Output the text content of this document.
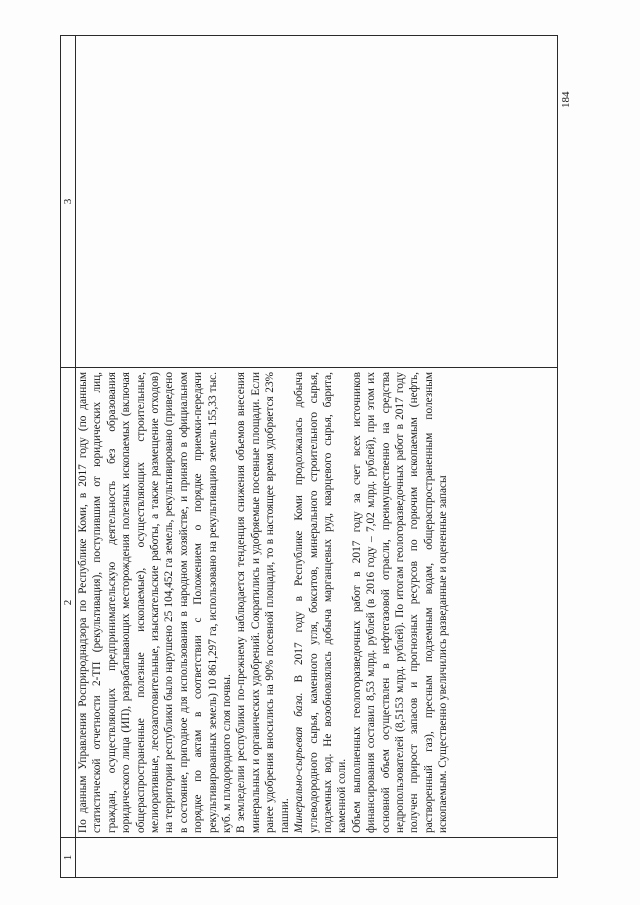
1	2	3

	По данным Управления Росприроднадзора по Республике Коми, в 2017 году (по данным статистической отчетности 2-ТП (рекультивация), поступившим от юридических лиц, граждан, осуществляющих предпринимательскую деятельность без образования юридического лица (ИП), разрабатывающих месторождения полезных ископаемых (включая общераспространенные полезные ископаемые), осуществляющих строительные, мелиоративные, лесозаготовительные, изыскательские работы, а также размещение отходов) на территории республики было нарушено 25 104,452 га земель, рекультивировано (приведено в состояние, пригодное для использования в народном хозяйстве, и принято в официальном порядке по актам в соответствии с Положением о порядке приемки-передачи рекультивированных земель) 10 861,297 га, использовано на рекультивацию земель 155,33 тыс. куб. м плодородного слоя почвы. В земледелии республики по-прежнему наблюдается тенденция снижения объемов внесения минеральных и органических удобрений. Сократились и удобряемые посевные площади. Если ранее удобрения вносились на 90% посевной площади, то в настоящее время удобряется 23% пашни. Минерально-сырьевая база. В 2017 году в Республике Коми продолжалась добыча углеводородного сырья, каменного угля, бокситов, минерального строительного сырья, подземных вод. Не возобновлялась добыча марганцевых руд, кварцевого сырья, барита, каменной соли. Объем выполненных геологоразведочных работ в 2017 году за счет всех источников финансирования составил 8,53 млрд. рублей (в 2016 году – 7,02 млрд. рублей), при этом их основной объем осуществлен в нефтегазовой отрасли, преимущественно на средства недропользователей (8,5153 млрд. рублей). По итогам геологоразведочных работ в 2017 году получен прирост запасов и прогнозных ресурсов по горючим ископаемым (нефть, растворенный газ), пресным подземным водам, общераспространенным полезным ископаемым. Существенно увеличились разведанные и оцененные запасы	

184
